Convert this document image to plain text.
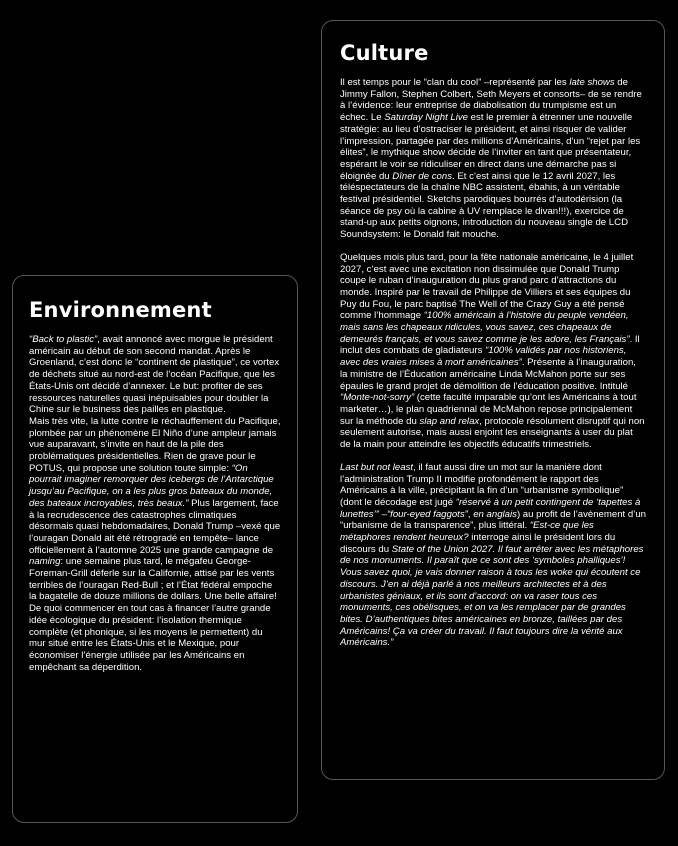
Culture

Il est temps pour le “clan du cool” –représenté par les late shows de Jimmy Fallon, Stephen Colbert, Seth Meyers et consorts– de se rendre à l’évidence: leur entreprise de diabolisation du trumpisme est un échec. Le Saturday Night Live est le premier à étrenner une nouvelle stratégie: au lieu d’ostraciser le président, et ainsi risquer de valider l’impression, partagée par des millions d’Américains, d’un “rejet par les élites”, le mythique show décide de l’inviter en tant que présentateur, espérant le voir se ridiculiser en direct dans une démarche pas si éloignée du Dîner de cons. Et c’est ainsi que le 12 avril 2027, les téléspectateurs de la chaîne NBC assistent, ébahis, à un véritable festival présidentiel. Sketchs parodiques bourrés d’autodérision (la séance de psy où la cabine à UV remplace le divan!!!), exercice de stand-up aux petits oignons, introduction du nouveau single de LCD Soundsystem: le Donald fait mouche.

Quelques mois plus tard, pour la fête nationale américaine, le 4 juillet 2027, c’est avec une excitation non dissimulée que Donald Trump coupe le ruban d’inauguration du plus grand parc d’attractions du monde. Inspiré par le travail de Philippe de Villiers et ses équipes du Puy du Fou, le parc baptisé The Well of the Crazy Guy a été pensé comme l’hommage “100% américain à l’histoire du peuple vendéen, mais sans les chapeaux ridicules, vous savez, ces chapeaux de demeurés français, et vous savez comme je les adore, les Français”. Il inclut des combats de gladiateurs “100% validés par nos historiens, avec des vraies mises à mort américaines”. Présente à l’inauguration, la ministre de l’Éducation américaine Linda McMahon porte sur ses épaules le grand projet de démolition de l’éducation positive. Intitulé “Monte-not-sorry” (cette faculté imparable qu’ont les Américains à tout marketer…), le plan quadriennal de McMahon repose principalement sur la méthode du slap and relax, protocole résolument disruptif qui non seulement autorise, mais aussi enjoint les enseignants à user du plat de la main pour atteindre les objectifs éducatifs trimestriels.

Last but not least, il faut aussi dire un mot sur la manière dont l’administration Trump II modifie profondément le rapport des Américains à la ville, précipitant la fin d’un “urbanisme symbolique” (dont le décodage est jugé “réservé à un petit contingent de ‘tapettes à lunettes’” –“four-eyed faggots”, en anglais) au profit de l’avènement d’un “urbanisme de la transparence”, plus littéral. “Est-ce que les métaphores rendent heureux? interroge ainsi le président lors du discours du State of the Union 2027. Il faut arrêter avec les métaphores de nos monuments. Il paraît que ce sont des ‘symboles phalliques’! Vous savez quoi, je vais donner raison à tous les woke qui écoutent ce discours. J’en ai déjà parlé à nos meilleurs architectes et à des urbanistes géniaux, et ils sont d’accord: on va raser tous ces monuments, ces obélisques, et on va les remplacer par de grandes bites. D’authentiques bites américaines en bronze, taillées par des Américains! Ça va créer du travail. Il faut toujours dire la vérité aux Américains.”

Environnement

“Back to plastic”, avait annoncé avec morgue le président américain au début de son second mandat. Après le Groenland, c’est donc le “continent de plastique”, ce vortex de déchets situé au nord-est de l’océan Pacifique, que les États-Unis ont décidé d’annexer. Le but: profiter de ses ressources naturelles quasi inépuisables pour doubler la Chine sur le business des pailles en plastique.

Mais très vite, la lutte contre le réchauffement du Pacifique, plombée par un phénomène El Niño d’une ampleur jamais vue auparavant, s’invite en haut de la pile des problématiques présidentielles. Rien de grave pour le POTUS, qui propose une solution toute simple: “On pourrait imaginer remorquer des icebergs de l’Antarctique jusqu’au Pacifique, on a les plus gros bateaux du monde, des bateaux incroyables, très beaux.” Plus largement, face à la recrudescence des catastrophes climatiques désormais quasi hebdomadaires, Donald Trump –vexé que l’ouragan Donald ait été rétrogradé en tempête– lance officiellement à l’automne 2025 une grande campagne de naming: une semaine plus tard, le mégafeu George-Foreman-Grill déferle sur la Californie, attisé par les vents terribles de l’ouragan Red-Bull ; et l’État fédéral empoche la bagatelle de douze millions de dollars. Une belle affaire! De quoi commencer en tout cas à financer l’autre grande idée écologique du président: l’isolation thermique complète (et phonique, si les moyens le permettent) du mur situé entre les États-Unis et le Mexique, pour économiser l’énergie utilisée par les Américains en empêchant sa déperdition.
